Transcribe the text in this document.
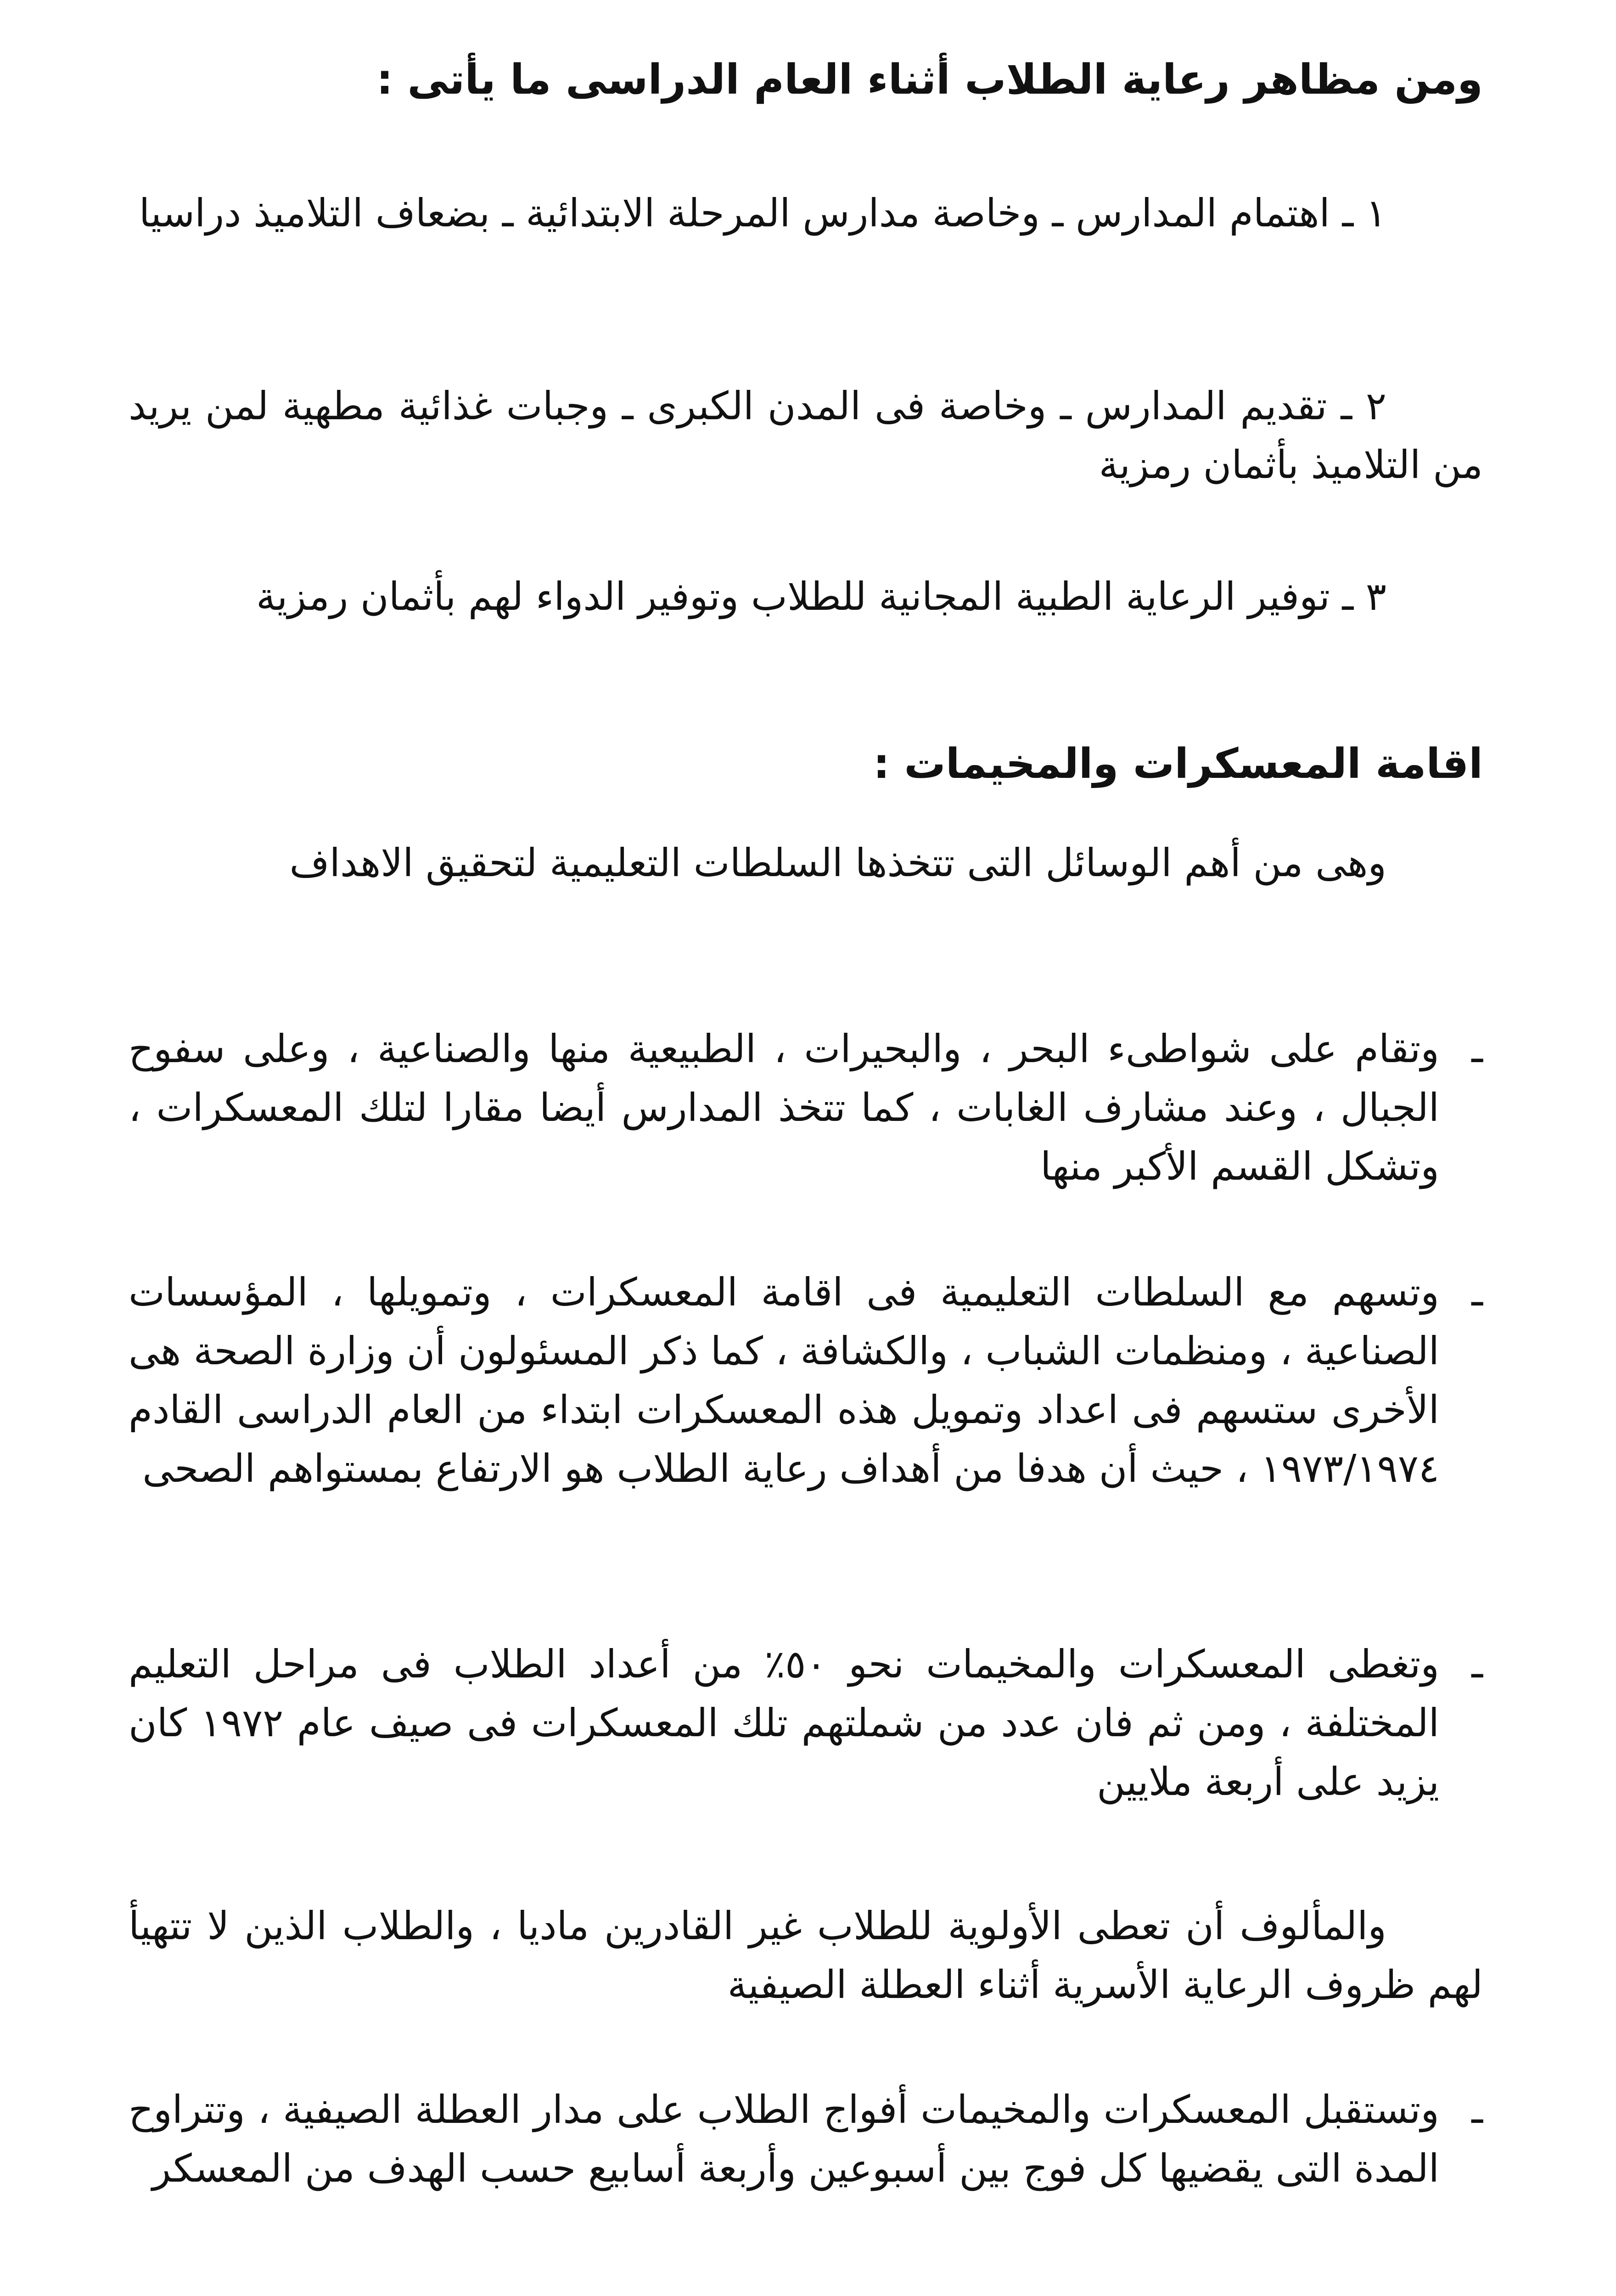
ومن مظاهر رعاية الطلاب أثناء العام الدراسى ما يأتى :

١ ـ اهتمام المدارس ـ وخاصة مدارس المرحلة الابتدائية ـ بضعاف التلاميذ دراسيا

٢ ـ تقديم المدارس ـ وخاصة فى المدن الكبرى ـ وجبات غذائية مطهية لمن يريد من التلاميذ بأثمان رمزية

٣ ـ توفير الرعاية الطبية المجانية للطلاب وتوفير الدواء لهم بأثمان رمزية

اقامة المعسكرات والمخيمات :

وهى من أهم الوسائل التى تتخذها السلطات التعليمية لتحقيق الاهداف

ـ
وتقام على شواطىء البحر ، والبحيرات ، الطبيعية منها والصناعية ، وعلى سفوح الجبال ، وعند مشارف الغابات ، كما تتخذ المدارس أيضا مقارا لتلك المعسكرات ، وتشكل القسم الأكبر منها
ـ
وتسهم مع السلطات التعليمية فى اقامة المعسكرات ، وتمويلها ، المؤسسات الصناعية ، ومنظمات الشباب ، والكشافة ، كما ذكر المسئولون أن وزارة الصحة هى الأخرى ستسهم فى اعداد وتمويل هذه المعسكرات ابتداء من العام الدراسى القادم ١٩٧٣/١٩٧٤ ، حيث أن هدفا من أهداف رعاية الطلاب هو الارتفاع بمستواهم الصحى
ـ
وتغطى المعسكرات والمخيمات نحو ٥٠٪ من أعداد الطلاب فى مراحل التعليم المختلفة ، ومن ثم فان عدد من شملتهم تلك المعسكرات فى صيف عام ١٩٧٢ كان يزيد على أربعة ملايين

والمألوف أن تعطى الأولوية للطلاب غير القادرين ماديا ، والطلاب الذين لا تتهيأ لهم ظروف الرعاية الأسرية أثناء العطلة الصيفية

ـ
وتستقبل المعسكرات والمخيمات أفواج الطلاب على مدار العطلة الصيفية ، وتتراوح المدة التى يقضيها كل فوج بين أسبوعين وأربعة أسابيع حسب الهدف من المعسكر
